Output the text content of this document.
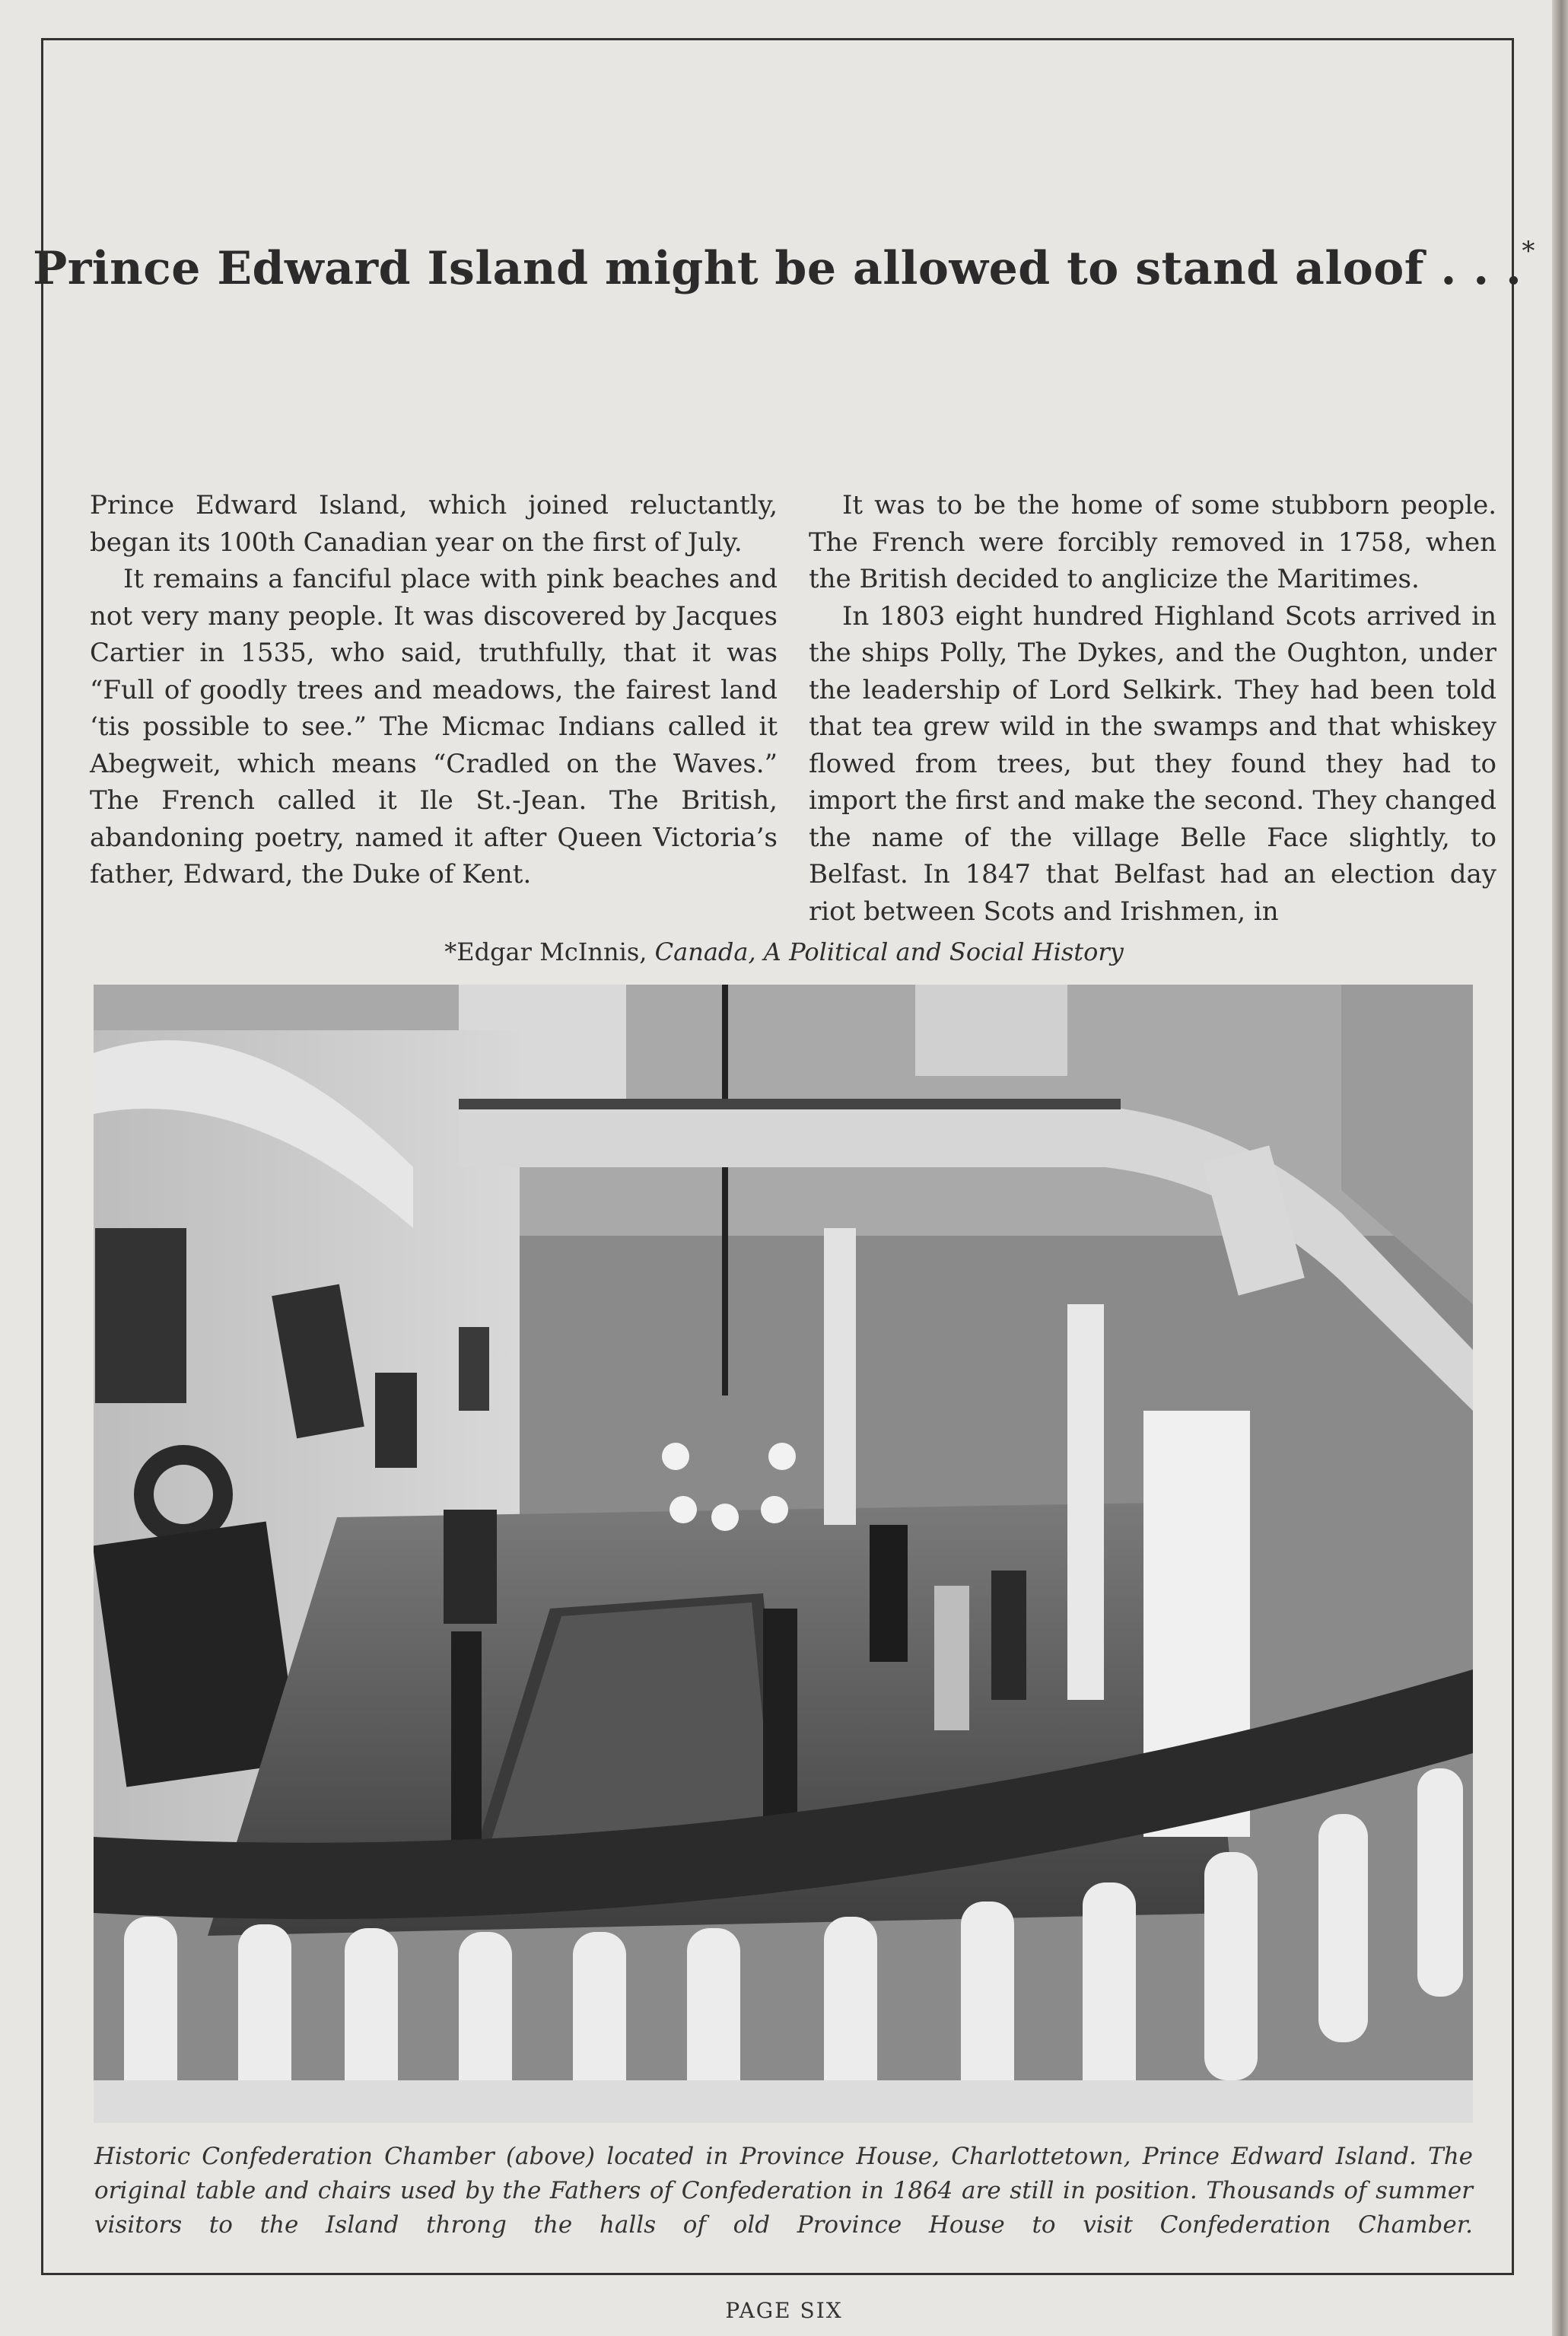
Prince Edward Island might be allowed to stand aloof . . .*

Prince Edward Island, which joined reluctantly, began its 100th Canadian year on the first of July.

It remains a fanciful place with pink beaches and not very many people. It was discovered by Jacques Cartier in 1535, who said, truthfully, that it was “Full of goodly trees and meadows, the fairest land ‘tis possible to see.” The Micmac Indians called it Abegweit, which means “Cradled on the Waves.” The French called it Ile St.-Jean. The British, abandoning poetry, named it after Queen Victoria’s father, Edward, the Duke of Kent.

It was to be the home of some stubborn people. The French were forcibly removed in 1758, when the British decided to anglicize the Maritimes.

In 1803 eight hundred Highland Scots arrived in the ships Polly, The Dykes, and the Oughton, under the leadership of Lord Selkirk. They had been told that tea grew wild in the swamps and that whiskey flowed from trees, but they found they had to import the first and make the second. They changed the name of the village Belle Face slightly, to Belfast. In 1847 that Belfast had an election day riot between Scots and Irishmen, in

*Edgar McInnis, Canada, A Political and Social History
Historic Confederation Chamber (above) located in Province House, Charlottetown, Prince Edward Island. The original table and chairs used by the Fathers of Confederation in 1864 are still in position. Thousands of summer visitors to the Island throng the halls of old Province House to visit Confederation Chamber.
PAGE SIX
